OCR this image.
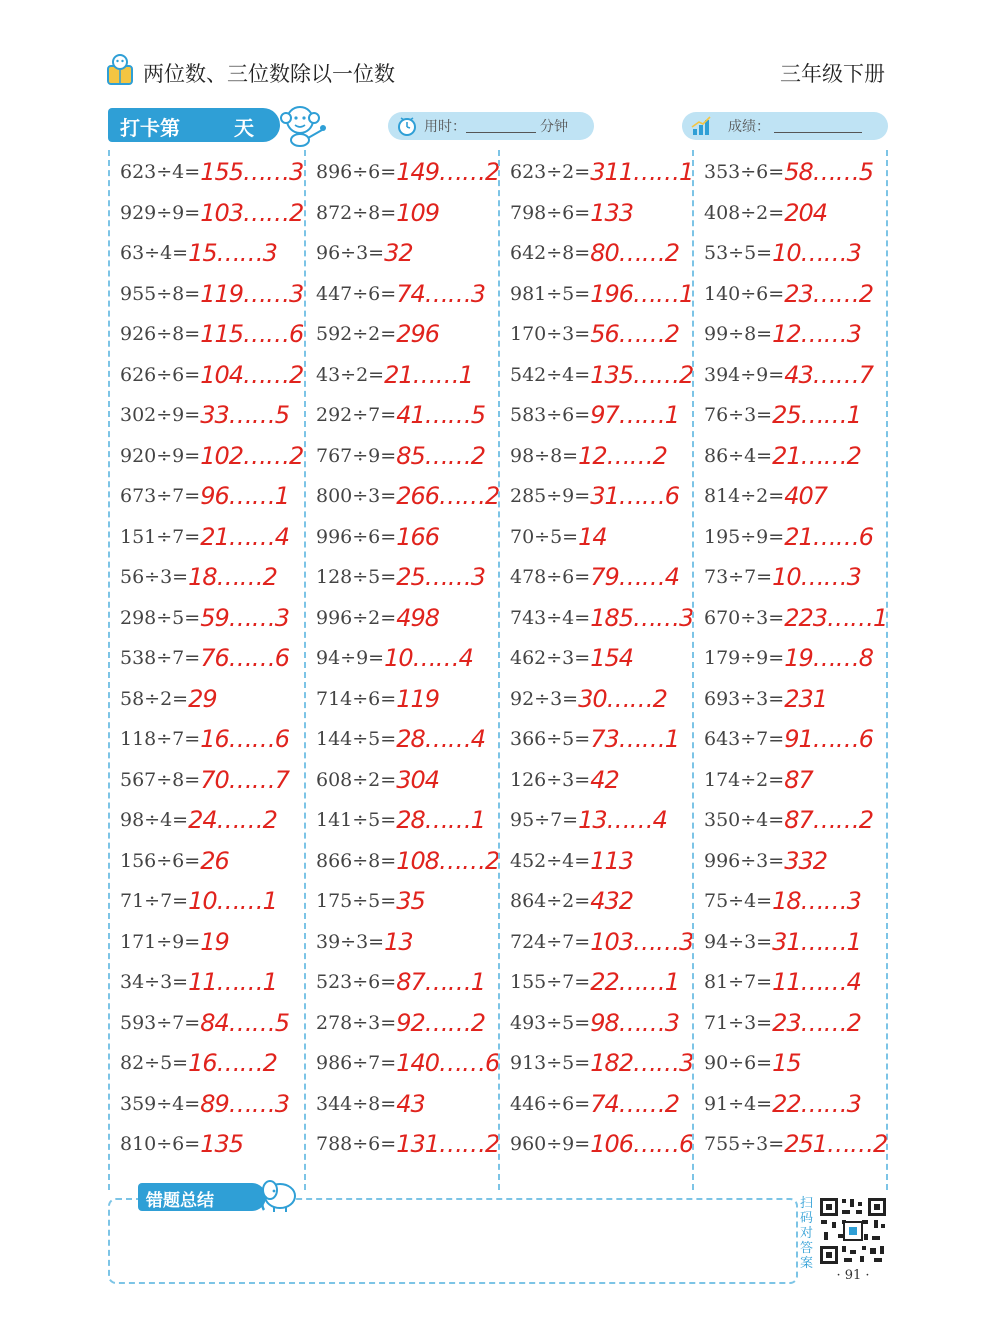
两位数、三位数除以一位数	三年级下册
打卡第	天	用时：	分钟	成绩：
623÷4=155……3
929÷9=103……2
63÷4=15……3
955÷8=119……3
926÷8=115……6
626÷6=104……2
302÷9=33……5
920÷9=102……2
673÷7=96……1
151÷7=21……4
56÷3=18……2
298÷5=59……3
538÷7=76……6
58÷2=29
118÷7=16……6
567÷8=70……7
98÷4=24……2
156÷6=26
71÷7=10……1
171÷9=19
34÷3=11……1
593÷7=84……5
82÷5=16……2
359÷4=89……3
810÷6=135
896÷6=149……2
872÷8=109
96÷3=32
447÷6=74……3
592÷2=296
43÷2=21……1
292÷7=41……5
767÷9=85……2
800÷3=266……2
996÷6=166
128÷5=25……3
996÷2=498
94÷9=10……4
714÷6=119
144÷5=28……4
608÷2=304
141÷5=28……1
866÷8=108……2
175÷5=35
39÷3=13
523÷6=87……1
278÷3=92……2
986÷7=140……6
344÷8=43
788÷6=131……2
623÷2=311……1
798÷6=133
642÷8=80……2
981÷5=196……1
170÷3=56……2
542÷4=135……2
583÷6=97……1
98÷8=12……2
285÷9=31……6
70÷5=14
478÷6=79……4
743÷4=185……3
462÷3=154
92÷3=30……2
366÷5=73……1
126÷3=42
95÷7=13……4
452÷4=113
864÷2=432
724÷7=103……3
155÷7=22……1
493÷5=98……3
913÷5=182……3
446÷6=74……2
960÷9=106……6
353÷6=58……5
408÷2=204
53÷5=10……3
140÷6=23……2
99÷8=12……3
394÷9=43……7
76÷3=25……1
86÷4=21……2
814÷2=407
195÷9=21……6
73÷7=10……3
670÷3=223……1
179÷9=19……8
693÷3=231
643÷7=91……6
174÷2=87
350÷4=87……2
996÷3=332
75÷4=18……3
94÷3=31……1
81÷7=11……4
71÷3=23……2
90÷6=15
91÷4=22……3
755÷3=251……2
错题总结	扫码对答案
· 91 ·
